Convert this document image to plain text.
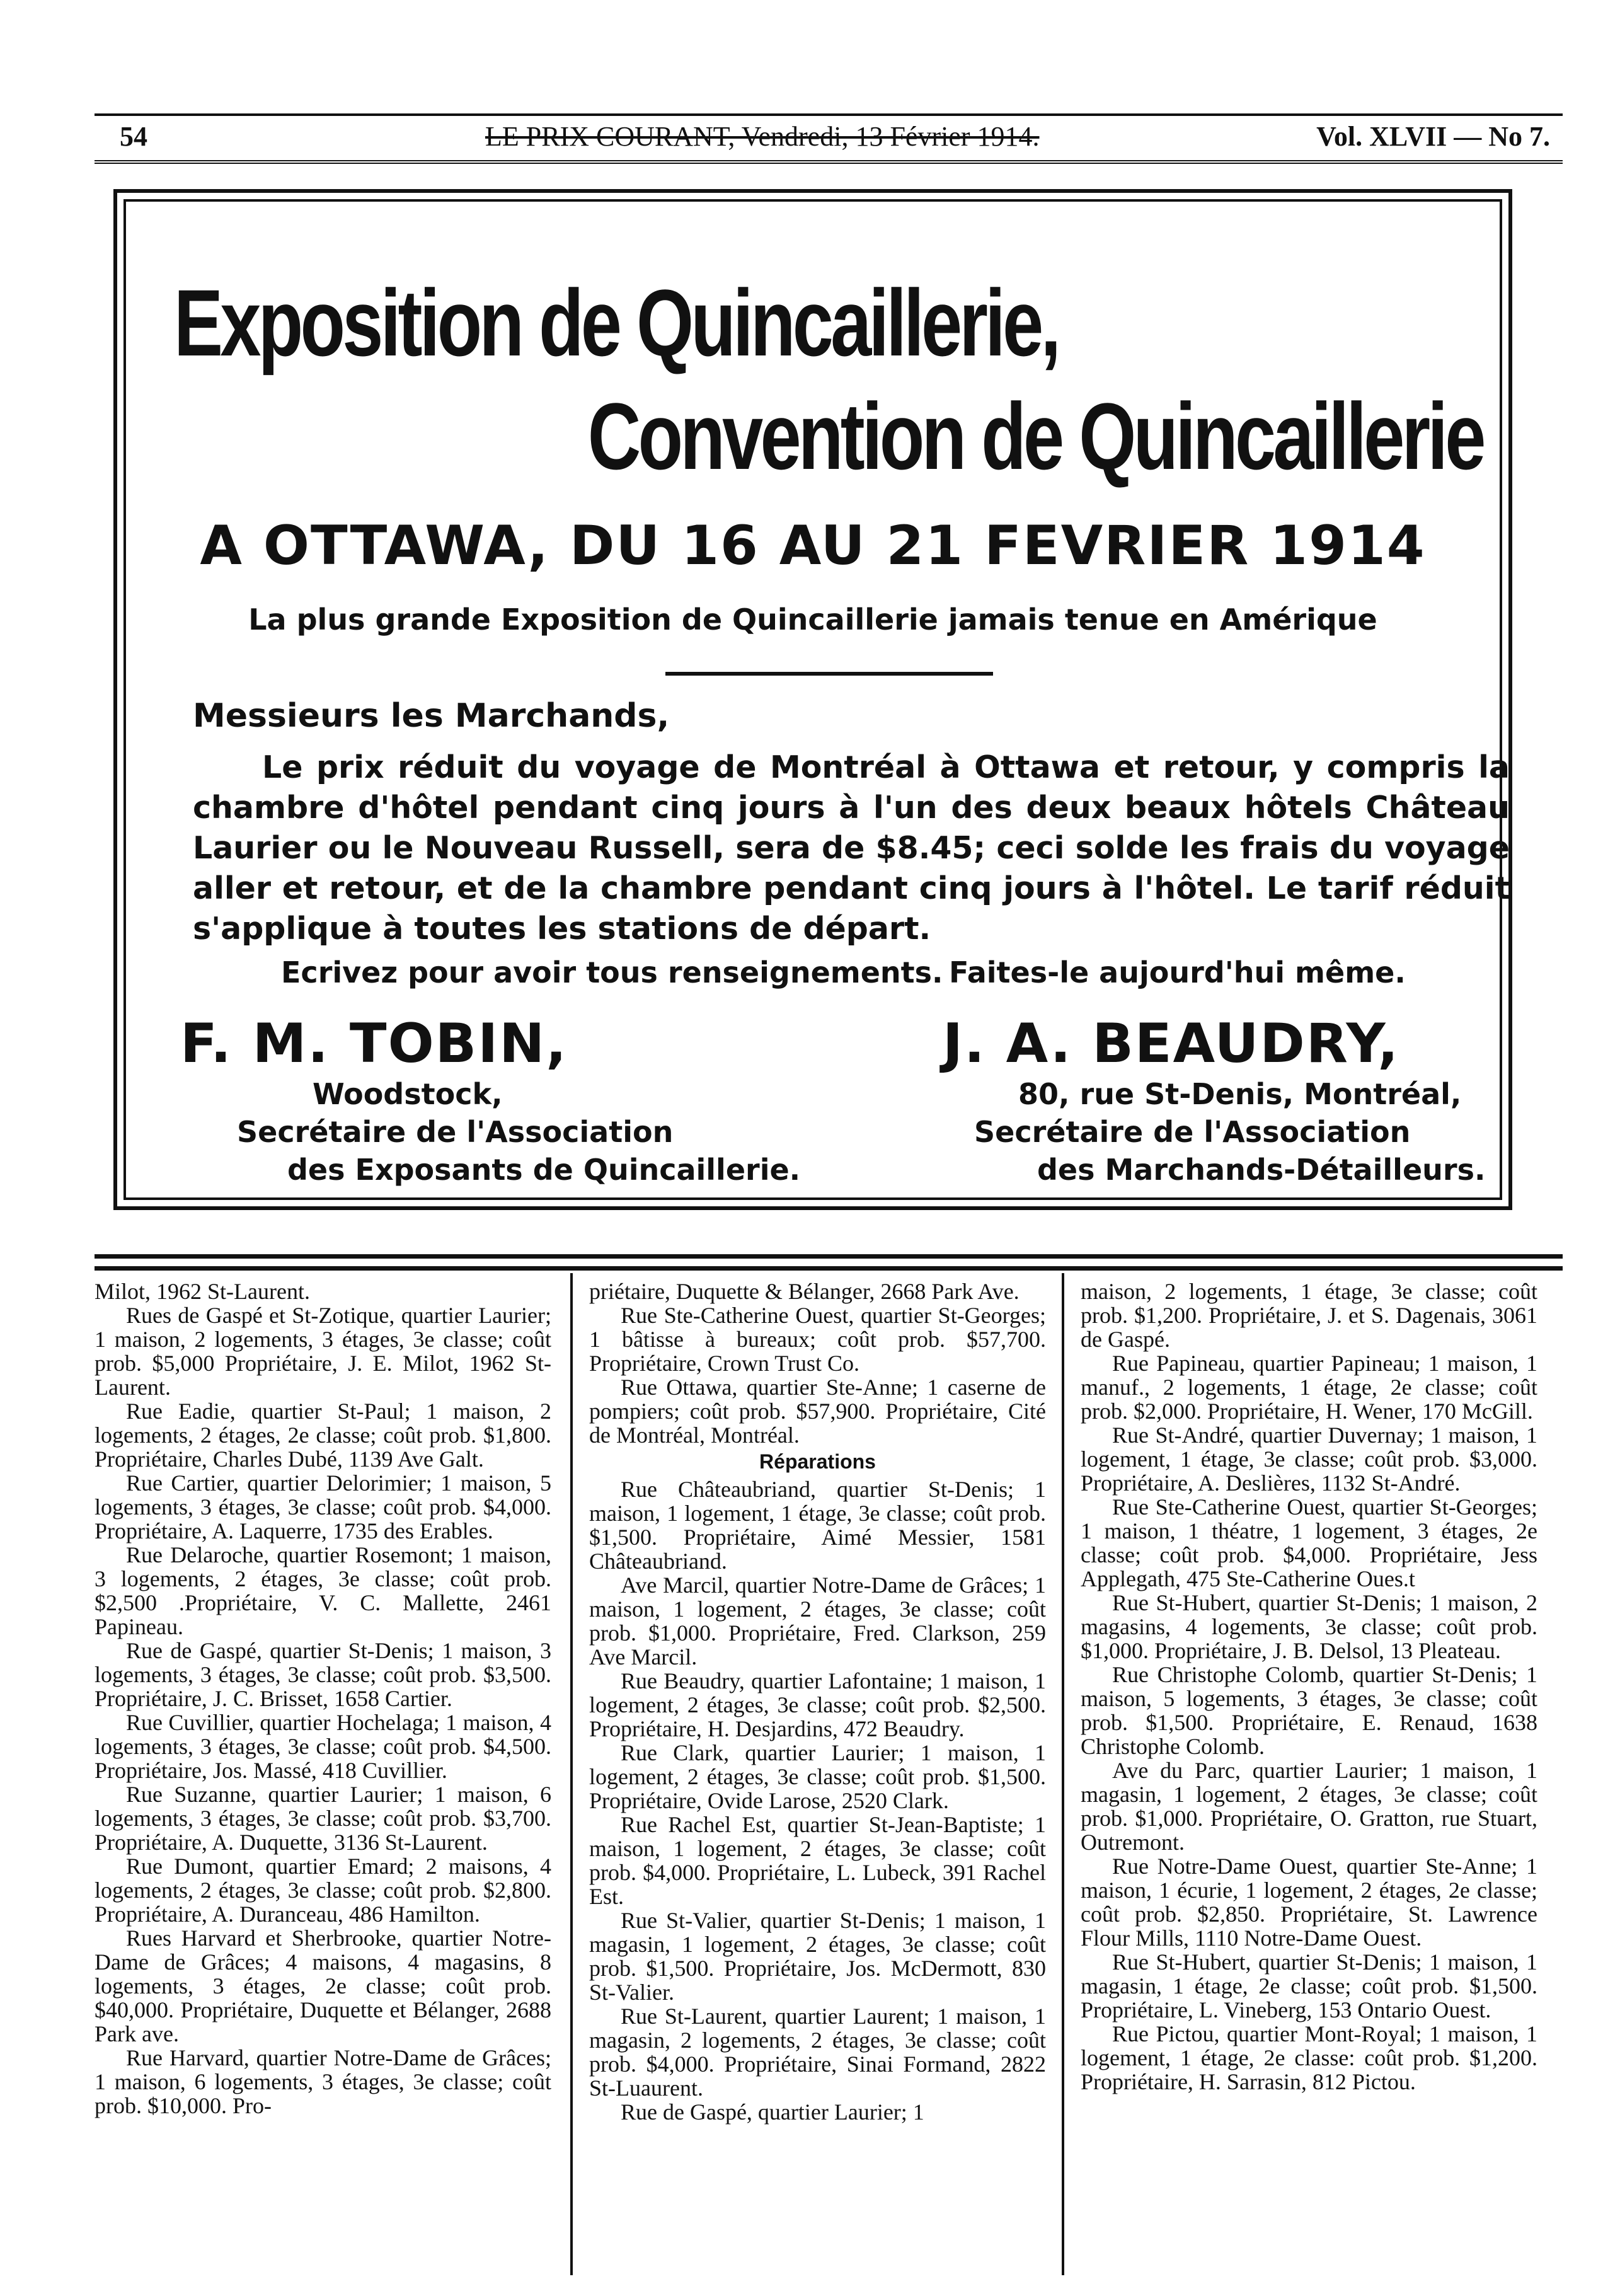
54	LE PRIX COURANT, Vendredi, 13 Février 1914.	Vol. XLVII — No 7.
Exposition de Quincaillerie,
Convention de Quincaillerie
A OTTAWA, DU 16 AU 21 FEVRIER 1914
La plus grande Exposition de Quincaillerie jamais tenue en Amérique
Messieurs les Marchands,
Le prix réduit du voyage de Montréal à Ottawa et retour, y compris la chambre d'hôtel pendant cinq jours à l'un des deux beaux hôtels Château Laurier ou le Nouveau Russell, sera de $8.45; ceci solde les frais du voyage aller et retour, et de la chambre pendant cinq jours à l'hôtel. Le tarif réduit s'applique à toutes les stations de départ.
Ecrivez pour avoir tous renseignements. Faites-le aujourd'hui même.
F. M. TOBIN,
Woodstock,
Secrétaire de l'Association
des Exposants de Quincaillerie.
J. A. BEAUDRY,
80, rue St-Denis, Montréal,
Secrétaire de l'Association
des Marchands-Détailleurs.

Milot, 1962 St-Laurent.

Rues de Gaspé et St-Zotique, quartier Laurier; 1 maison, 2 logements, 3 étages, 3e classe; coût prob. $5,000 Propriétaire, J. E. Milot, 1962 St-Laurent.

Rue Eadie, quartier St-Paul; 1 maison, 2 logements, 2 étages, 2e classe; coût prob. $1,800. Propriétaire, Charles Dubé, 1139 Ave Galt.

Rue Cartier, quartier Delorimier; 1 maison, 5 logements, 3 étages, 3e classe; coût prob. $4,000. Propriétaire, A. Laquerre, 1735 des Erables.

Rue Delaroche, quartier Rosemont; 1 maison, 3 logements, 2 étages, 3e classe; coût prob. $2,500 .Propriétaire, V. C. Mallette, 2461 Papineau.

Rue de Gaspé, quartier St-Denis; 1 maison, 3 logements, 3 étages, 3e classe; coût prob. $3,500. Propriétaire, J. C. Brisset, 1658 Cartier.

Rue Cuvillier, quartier Hochelaga; 1 maison, 4 logements, 3 étages, 3e classe; coût prob. $4,500. Propriétaire, Jos. Massé, 418 Cuvillier.

Rue Suzanne, quartier Laurier; 1 maison, 6 logements, 3 étages, 3e classe; coût prob. $3,700. Propriétaire, A. Duquette, 3136 St-Laurent.

Rue Dumont, quartier Emard; 2 maisons, 4 logements, 2 étages, 3e classe; coût prob. $2,800. Propriétaire, A. Duranceau, 486 Hamilton.

Rues Harvard et Sherbrooke, quartier Notre-Dame de Grâces; 4 maisons, 4 magasins, 8 logements, 3 étages, 2e classe; coût prob. $40,000. Propriétaire, Duquette et Bélanger, 2688 Park ave.

Rue Harvard, quartier Notre-Dame de Grâces; 1 maison, 6 logements, 3 étages, 3e classe; coût prob. $10,000. Pro-

priétaire, Duquette & Bélanger, 2668 Park Ave.

Rue Ste-Catherine Ouest, quartier St-Georges; 1 bâtisse à bureaux; coût prob. $57,700. Propriétaire, Crown Trust Co.

Rue Ottawa, quartier Ste-Anne; 1 caserne de pompiers; coût prob. $57,900. Propriétaire, Cité de Montréal, Montréal.

Réparations

Rue Châteaubriand, quartier St-Denis; 1 maison, 1 logement, 1 étage, 3e classe; coût prob. $1,500. Propriétaire, Aimé Messier, 1581 Châteaubriand.

Ave Marcil, quartier Notre-Dame de Grâces; 1 maison, 1 logement, 2 étages, 3e classe; coût prob. $1,000. Propriétaire, Fred. Clarkson, 259 Ave Marcil.

Rue Beaudry, quartier Lafontaine; 1 maison, 1 logement, 2 étages, 3e classe; coût prob. $2,500. Propriétaire, H. Desjardins, 472 Beaudry.

Rue Clark, quartier Laurier; 1 maison, 1 logement, 2 étages, 3e classe; coût prob. $1,500. Propriétaire, Ovide Larose, 2520 Clark.

Rue Rachel Est, quartier St-Jean-Baptiste; 1 maison, 1 logement, 2 étages, 3e classe; coût prob. $4,000. Propriétaire, L. Lubeck, 391 Rachel Est.

Rue St-Valier, quartier St-Denis; 1 maison, 1 magasin, 1 logement, 2 étages, 3e classe; coût prob. $1,500. Propriétaire, Jos. McDermott, 830 St-Valier.

Rue St-Laurent, quartier Laurent; 1 maison, 1 magasin, 2 logements, 2 étages, 3e classe; coût prob. $4,000. Propriétaire, Sinai Formand, 2822 St-Luaurent.

Rue de Gaspé, quartier Laurier; 1

maison, 2 logements, 1 étage, 3e classe; coût prob. $1,200. Propriétaire, J. et S. Dagenais, 3061 de Gaspé.

Rue Papineau, quartier Papineau; 1 maison, 1 manuf., 2 logements, 1 étage, 2e classe; coût prob. $2,000. Propriétaire, H. Wener, 170 McGill.

Rue St-André, quartier Duvernay; 1 maison, 1 logement, 1 étage, 3e classe; coût prob. $3,000. Propriétaire, A. Deslières, 1132 St-André.

Rue Ste-Catherine Ouest, quartier St-Georges; 1 maison, 1 théatre, 1 logement, 3 étages, 2e classe; coût prob. $4,000. Propriétaire, Jess Applegath, 475 Ste-Catherine Oues.t

Rue St-Hubert, quartier St-Denis; 1 maison, 2 magasins, 4 logements, 3e classe; coût prob. $1,000. Propriétaire, J. B. Delsol, 13 Pleateau.

Rue Christophe Colomb, quartier St-Denis; 1 maison, 5 logements, 3 étages, 3e classe; coût prob. $1,500. Propriétaire, E. Renaud, 1638 Christophe Colomb.

Ave du Parc, quartier Laurier; 1 maison, 1 magasin, 1 logement, 2 étages, 3e classe; coût prob. $1,000. Propriétaire, O. Gratton, rue Stuart, Outremont.

Rue Notre-Dame Ouest, quartier Ste-Anne; 1 maison, 1 écurie, 1 logement, 2 étages, 2e classe; coût prob. $2,850. Propriétaire, St. Lawrence Flour Mills, 1110 Notre-Dame Ouest.

Rue St-Hubert, quartier St-Denis; 1 maison, 1 magasin, 1 étage, 2e classe; coût prob. $1,500. Propriétaire, L. Vineberg, 153 Ontario Ouest.

Rue Pictou, quartier Mont-Royal; 1 maison, 1 logement, 1 étage, 2e classe: coût prob. $1,200. Propriétaire, H. Sarrasin, 812 Pictou.
